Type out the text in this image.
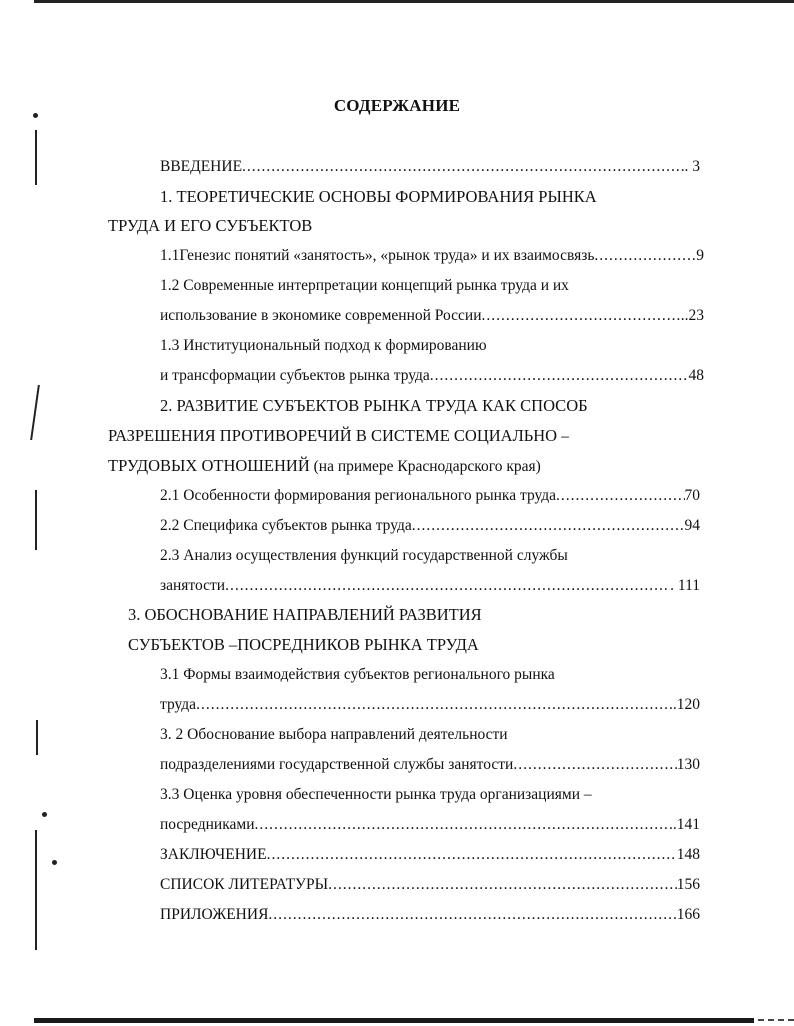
СОДЕРЖАНИЕ
ВВЕДЕНИЕ .....	. 3
1. ТЕОРЕТИЧЕСКИЕ ОСНОВЫ ФОРМИРОВАНИЯ РЫНКА
ТРУДА И ЕГО СУБЪЕКТОВ
1.1Генезис понятий «занятость», «рынок труда» и их взаимосвязь .....	9
1.2 Современные интерпретации концепций рынка труда и их
использование в экономике современной России .....	..23
1.3 Институциональный подход к формированию
и трансформации субъектов рынка труда .....	48
2. РАЗВИТИЕ СУБЪЕКТОВ РЫНКА ТРУДА КАК СПОСОБ
РАЗРЕШЕНИЯ ПРОТИВОРЕЧИЙ В СИСТЕМЕ СОЦИАЛЬНО –
ТРУДОВЫХ ОТНОШЕНИЙ (на примере Краснодарского края)
2.1 Особенности формирования регионального рынка труда .....	70
2.2 Специфика субъектов рынка труда .....	94
2.3 Анализ осуществления функций государственной службы
занятости .....	. 111
3. ОБОСНОВАНИЕ НАПРАВЛЕНИЙ РАЗВИТИЯ
СУБЪЕКТОВ –ПОСРЕДНИКОВ РЫНКА ТРУДА
3.1 Формы взаимодействия субъектов регионального рынка
труда .....	..120
3. 2 Обоснование выбора направлений деятельности
подразделениями государственной службы занятости .....	130
3.3 Оценка уровня обеспеченности рынка труда организациями –
посредниками .....	..141
ЗАКЛЮЧЕНИЕ .....	148
СПИСОК ЛИТЕРАТУРЫ .....	156
ПРИЛОЖЕНИЯ .....	166
